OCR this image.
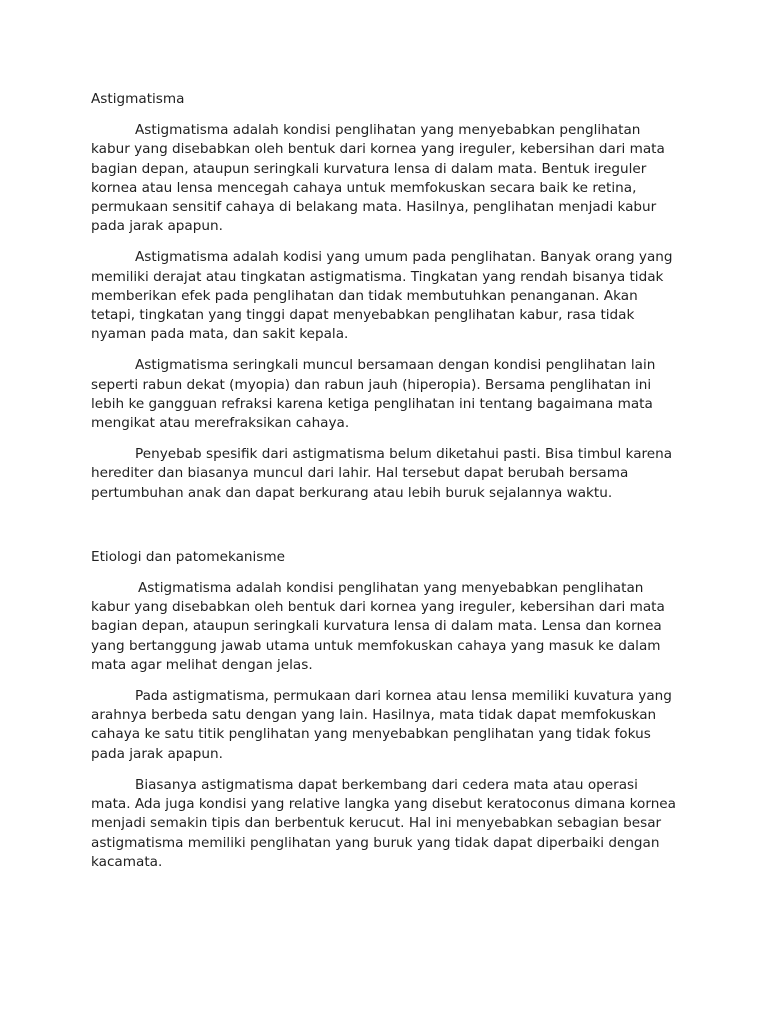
Astigmatisma

Astigmatisma adalah kondisi penglihatan yang menyebabkan penglihatan kabur yang disebabkan oleh bentuk dari kornea yang ireguler, kebersihan dari mata bagian depan, ataupun seringkali kurvatura lensa di dalam mata. Bentuk ireguler kornea atau lensa mencegah cahaya untuk memfokuskan secara baik ke retina, permukaan sensitif cahaya di belakang mata. Hasilnya, penglihatan menjadi kabur pada jarak apapun.

Astigmatisma adalah kodisi yang umum pada penglihatan. Banyak orang yang memiliki derajat atau tingkatan astigmatisma. Tingkatan yang rendah bisanya tidak memberikan efek pada penglihatan dan tidak membutuhkan penanganan. Akan tetapi, tingkatan yang tinggi dapat menyebabkan penglihatan kabur, rasa tidak nyaman pada mata, dan sakit kepala.

Astigmatisma seringkali muncul bersamaan dengan kondisi penglihatan lain seperti rabun dekat (myopia) dan rabun jauh (hiperopia). Bersama penglihatan ini lebih ke gangguan refraksi karena ketiga penglihatan ini tentang bagaimana mata mengikat atau merefraksikan cahaya.

Penyebab spesifik dari astigmatisma belum diketahui pasti. Bisa timbul karena herediter dan biasanya muncul dari lahir. Hal tersebut dapat berubah bersama pertumbuhan anak dan dapat berkurang atau lebih buruk sejalannya waktu.

Etiologi dan patomekanisme

Astigmatisma adalah kondisi penglihatan yang menyebabkan penglihatan kabur yang disebabkan oleh bentuk dari kornea yang ireguler, kebersihan dari mata bagian depan, ataupun seringkali kurvatura lensa di dalam mata. Lensa dan kornea yang bertanggung jawab utama untuk memfokuskan cahaya yang masuk ke dalam mata agar melihat dengan jelas.

Pada astigmatisma, permukaan dari kornea atau lensa memiliki kuvatura yang arahnya berbeda satu dengan yang lain. Hasilnya, mata tidak dapat memfokuskan cahaya ke satu titik penglihatan yang menyebabkan penglihatan yang tidak fokus pada jarak apapun.

Biasanya astigmatisma dapat berkembang dari cedera mata atau operasi mata. Ada juga kondisi yang relative langka yang disebut keratoconus dimana kornea menjadi semakin tipis dan berbentuk kerucut. Hal ini menyebabkan sebagian besar astigmatisma memiliki penglihatan yang buruk yang tidak dapat diperbaiki dengan kacamata.
